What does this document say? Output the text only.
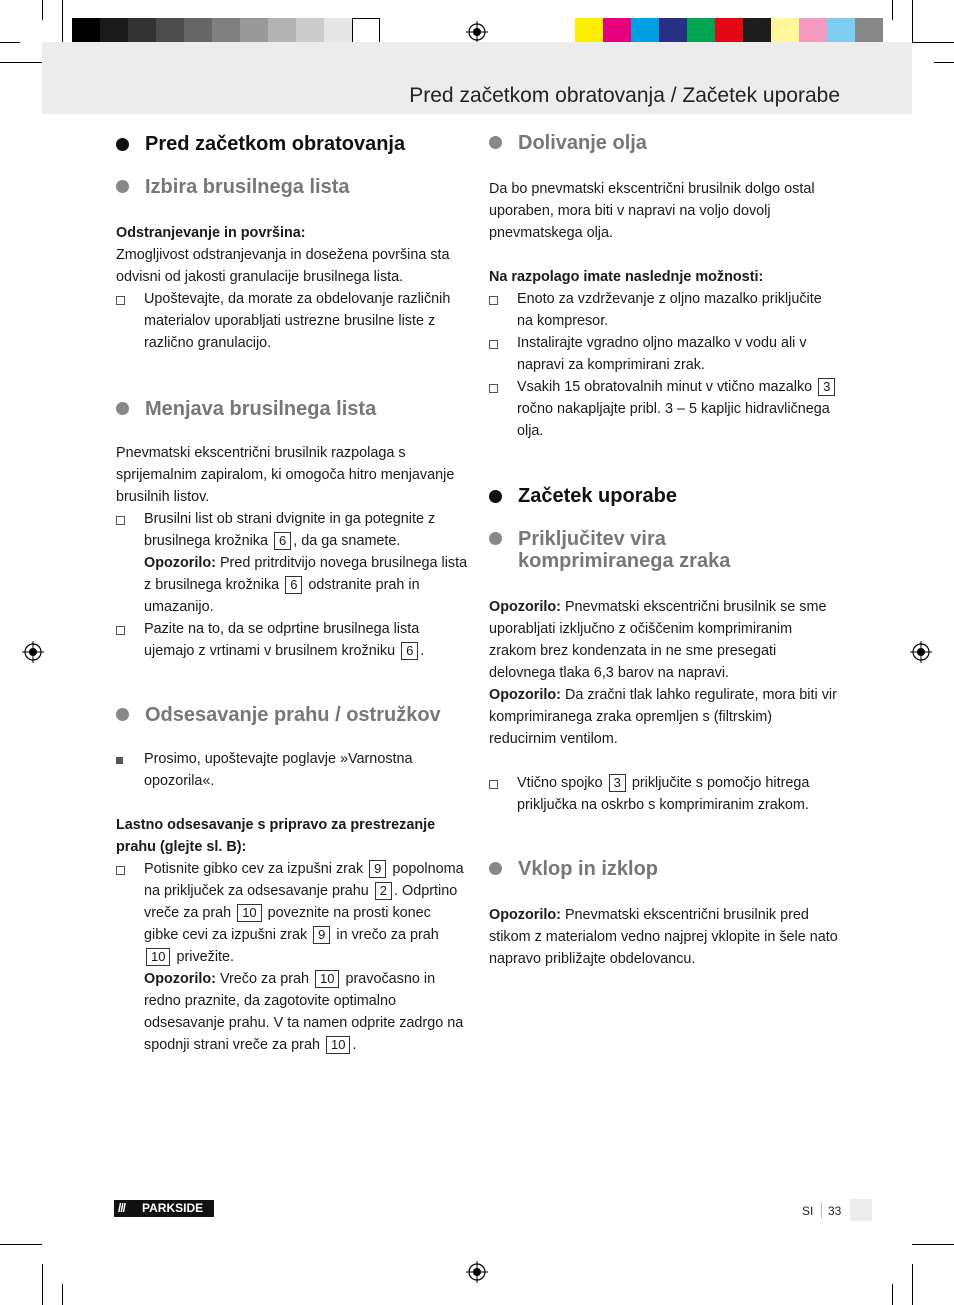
Pred začetkom obratovanja / Začetek uporabe
Pred začetkom obratovanja
Izbira brusilnega lista

Odstranjevanje in površina:

Zmogljivost odstranjevanja in dosežena površina sta odvisni od jakosti granulacije brusilnega lista.

Upoštevajte, da morate za obdelovanje različnih materialov uporabljati ustrezne brusilne liste z različno granulacijo.
Menjava brusilnega lista

Pnevmatski ekscentrični brusilnik razpolaga s sprijemalnim zapiralom, ki omogoča hitro menjavanje brusilnih listov.

Brusilni list ob strani dvignite in ga potegnite z brusilnega krožnika 6 , da ga snamete.
Opozorilo: Pred pritrditvijo novega brusilnega lista z brusilnega krožnika 6 odstranite prah in umazanijo.
Pazite na to, da se odprtine brusilnega lista ujemajo z vrtinami v brusilnem krožniku 6 .
Odsesavanje prahu / ostružkov
Prosimo, upoštevajte poglavje »Varnostna opozorila«.

Lastno odsesavanje s pripravo za prestrezanje prahu (glejte sl. B):

Potisnite gibko cev za izpušni zrak 9 popolnoma na priključek za odsesavanje prahu 2 . Odprtino vreče za prah 10 poveznite na prosti konec gibke cevi za izpušni zrak 9 in vrečo za prah 10 privežite.
Opozorilo: Vrečo za prah 10 pravočasno in redno praznite, da zagotovite optimalno odsesavanje prahu. V ta namen odprite zadrgo na spodnji strani vreče za prah 10 .
Dolivanje olja

Da bo pnevmatski ekscentrični brusilnik dolgo ostal uporaben, mora biti v napravi na voljo dovolj pnevmatskega olja.

Na razpolago imate naslednje možnosti:

Enoto za vzdrževanje z oljno mazalko priključite na kompresor.
Instalirajte vgradno oljno mazalko v vodu ali v napravi za komprimirani zrak.
Vsakih 15 obratovalnih minut v vtično mazalko 3 ročno nakapljajte pribl. 3 – 5 kapljic hidravličnega olja.
Začetek uporabe
Priključitev vira komprimiranega zraka

Opozorilo: Pnevmatski ekscentrični brusilnik se sme uporabljati izključno z očiščenim komprimiranim zrakom brez kondenzata in ne sme presegati delovnega tlaka 6,3 barov na napravi.

Opozorilo: Da zračni tlak lahko regulirate, mora biti vir komprimiranega zraka opremljen s (filtrskim) reducirnim ventilom.

Vtično spojko 3 priključite s pomočjo hitrega priključka na oskrbo s komprimiranim zrakom.
Vklop in izklop

Opozorilo: Pnevmatski ekscentrični brusilnik pred stikom z materialom vedno najprej vklopite in šele nato napravo približajte obdelovancu.

/// PARKSIDE	SI 33
